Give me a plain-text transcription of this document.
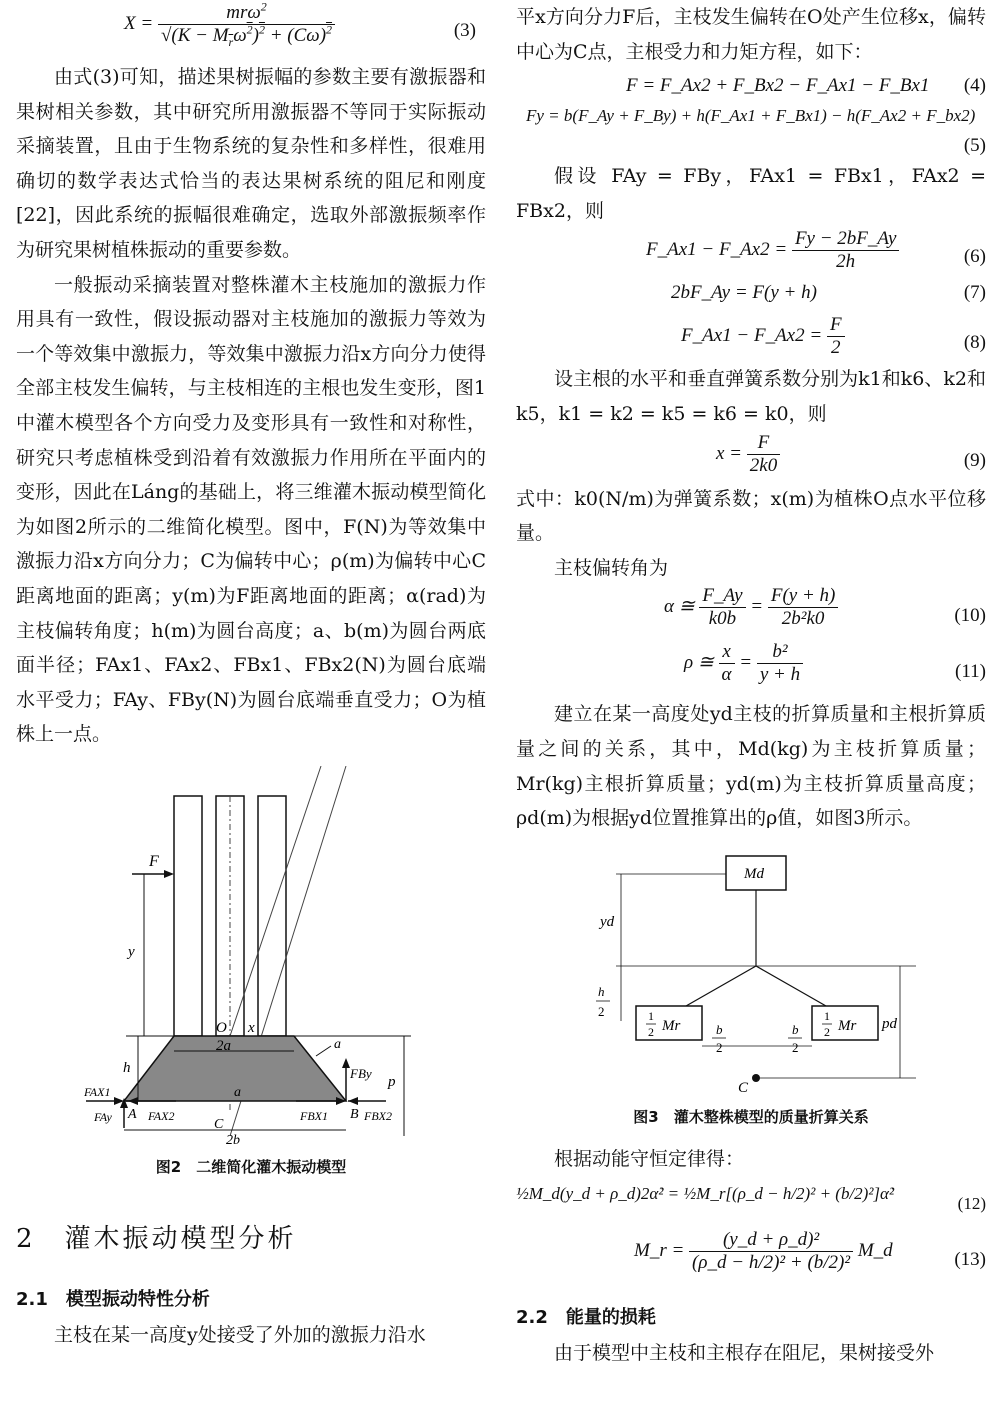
$X = \frac{mr\omega^2}{√(K - M_r\omega^2)^2 + (C\omega)^2}$	(3)

由式(3)可知，描述果树振幅的参数主要有激振器和果树相关参数，其中研究所用激振器不等同于实际振动采摘装置，且由于生物系统的复杂性和多样性，很难用确切的数学表达式恰当的表达果树系统的阻尼和刚度[22]，因此系统的振幅很难确定，选取外部激振频率作为研究果树植株振动的重要参数。

一般振动采摘装置对整株灌木主枝施加的激振力作用具有一致性，假设振动器对主枝施加的激振力等效为一个等效集中激振力，等效集中激振力沿x方向分力使得全部主枝发生偏转，与主枝相连的主根也发生变形，图1中灌木模型各个方向受力及变形具有一致性和对称性，研究只考虑植株受到沿着有效激振力作用所在平面内的变形，因此在Láng的基础上，将三维灌木振动模型简化为如图2所示的二维简化模型。图中，F(N)为等效集中激振力沿x方向分力；C为偏转中心；ρ(m)为偏转中心C距离地面的距离；y(m)为F距离地面的距离；α(rad)为主枝偏转角度；h(m)为圆台高度；a、b(m)为圆台两底面半径；FAx1、FAx2、FBx1、FBx2(N)为圆台底端水平受力；FAy、FBy(N)为圆台底端垂直受力；O为植株上一点。

F
y
h
O x
2a	a
FBy
p
FAX1
FAy A FAX2
a
FBX1 B FBX2
C
2b
图2　二维简化灌木振动模型
2　灌木振动模型分析
2.1　模型振动特性分析

主枝在某一高度y处接受了外加的激振力沿水

平x方向分力F后，主枝发生偏转在O处产生位移x，偏转中心为C点，主根受力和力矩方程，如下：

F = F_Ax2 + F_Bx2 − F_Ax1 − F_Bx1 (4)
Fy = b(F_Ay + F_By) + h(F_Ax1 + F_Bx1) − h(F_Ax2 + F_bx2)
(5)

假设 FAy = FBy，FAx1 = FBx1，FAx2 = FBx2，则

F_Ax1 − F_Ax2 = $\frac{Fy - 2bF\_Ay}{2h}$	(6)
2bF_Ay = F(y + h)	(7)
F_Ax1 − F_Ax2 = $\frac{F}{2}$	(8)

设主根的水平和垂直弹簧系数分别为k1和k6、k2和k5，k1 = k2 = k5 = k6 = k0，则

$x = \frac{F}{2k0}$	(9)

式中：k0(N/m)为弹簧系数；x(m)为植株O点水平位移量。

主枝偏转角为

α ≅ $\frac{F\_Ay}{k0b} = \frac{F(y + h)}{\text{2b²k0}}$	(10)
ρ ≅ $\frac{x}{\alpha} = \frac{\text{b²}}{y + h}$	(11)

建立在某一高度处yd主枝的折算质量和主根折算质量之间的关系，其中，Md(kg)为主枝折算质量；Mr(kg)主根折算质量；yd(m)为主枝折算质量高度；ρd(m)为根据yd位置推算出的ρ值，如图3所示。

Md
yd
h
2	1
2 Mr
1
2 Mr
b
2
b
2
pd
C
图3　灌木整株模型的质量折算关系

根据动能守恒定律得：

½M_d(y_d + ρ_d)2α̇² = ½M_r[(ρ_d − h/2)² + (b/2)²]α̇²
(12)
M_r = $\frac{\text{(y\_d + ρ\_d)²}}{\text{(ρ\_d − h/2)² + (b/2)²}}$ M_d	(13)
2.2　能量的损耗

由于模型中主枝和主根存在阻尼，果树接受外
